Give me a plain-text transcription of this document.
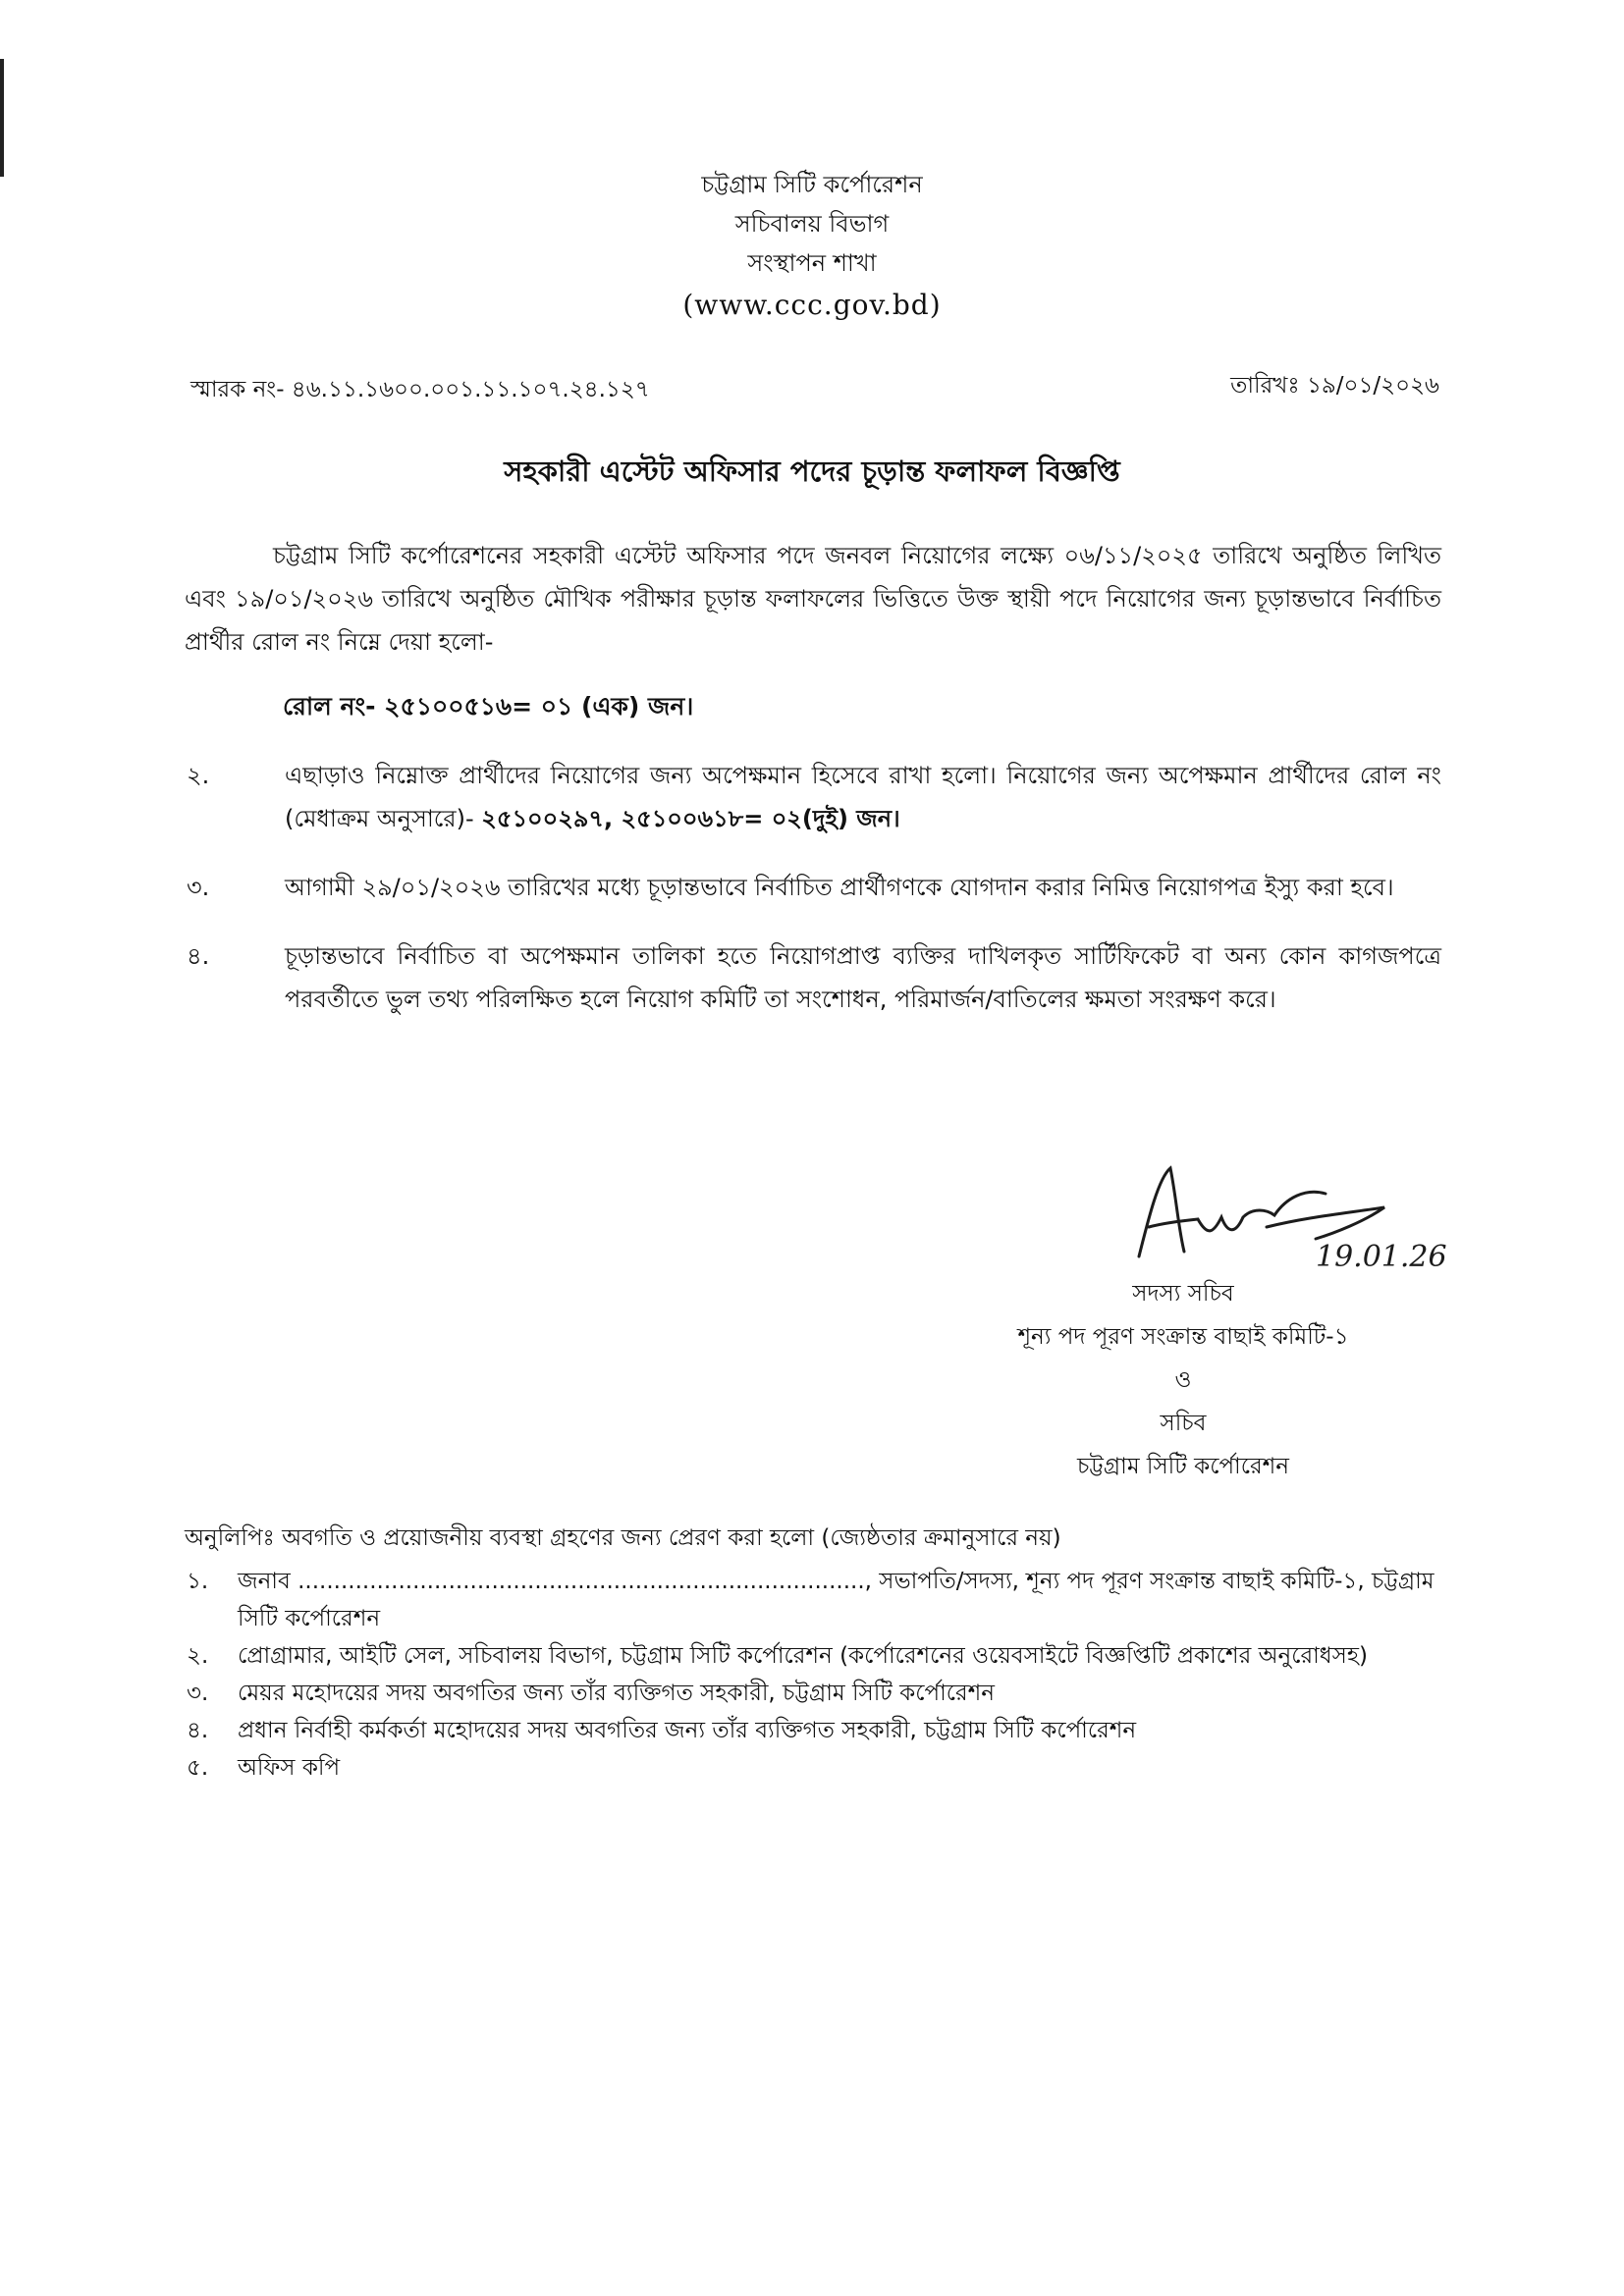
চট্টগ্রাম সিটি কর্পোরেশন
সচিবালয় বিভাগ
সংস্থাপন শাখা
(www.ccc.gov.bd)
স্মারক নং- ৪৬.১১.১৬০০.০০১.১১.১০৭.২৪.১২৭	তারিখঃ ১৯/০১/২০২৬
সহকারী এস্টেট অফিসার পদের চূড়ান্ত ফলাফল বিজ্ঞপ্তি

চট্টগ্রাম সিটি কর্পোরেশনের সহকারী এস্টেট অফিসার পদে জনবল নিয়োগের লক্ষ্যে ০৬/১১/২০২৫ তারিখে অনুষ্ঠিত লিখিত এবং ১৯/০১/২০২৬ তারিখে অনুষ্ঠিত মৌখিক পরীক্ষার চূড়ান্ত ফলাফলের ভিত্তিতে উক্ত স্থায়ী পদে নিয়োগের জন্য চূড়ান্তভাবে নির্বাচিত প্রার্থীর রোল নং নিম্নে দেয়া হলো-

রোল নং- ২৫১০০৫১৬= ০১ (এক) জন।
২.	এছাড়াও নিম্নোক্ত প্রার্থীদের নিয়োগের জন্য অপেক্ষমান হিসেবে রাখা হলো। নিয়োগের জন্য অপেক্ষমান প্রার্থীদের রোল নং (মেধাক্রম অনুসারে)- ২৫১০০২৯৭, ২৫১০০৬১৮= ০২(দুই) জন।
৩.	আগামী ২৯/০১/২০২৬ তারিখের মধ্যে চূড়ান্তভাবে নির্বাচিত প্রার্থীগণকে যোগদান করার নিমিত্ত নিয়োগপত্র ইস্যু করা হবে।
৪.	চূড়ান্তভাবে নির্বাচিত বা অপেক্ষমান তালিকা হতে নিয়োগপ্রাপ্ত ব্যক্তির দাখিলকৃত সার্টিফিকেট বা অন্য কোন কাগজপত্রে পরবর্তীতে ভুল তথ্য পরিলক্ষিত হলে নিয়োগ কমিটি তা সংশোধন, পরিমার্জন/বাতিলের ক্ষমতা সংরক্ষণ করে।
19.01.26
সদস্য সচিব
শূন্য পদ পূরণ সংক্রান্ত বাছাই কমিটি-১
ও
সচিব
চট্টগ্রাম সিটি কর্পোরেশন
অনুলিপিঃ অবগতি ও প্রয়োজনীয় ব্যবস্থা গ্রহণের জন্য প্রেরণ করা হলো (জ্যেষ্ঠতার ক্রমানুসারে নয়)
১.	জনাব ..............................................................................., সভাপতি/সদস্য, শূন্য পদ পূরণ সংক্রান্ত বাছাই কমিটি-১, চট্টগ্রাম সিটি কর্পোরেশন
২.	প্রোগ্রামার, আইটি সেল, সচিবালয় বিভাগ, চট্টগ্রাম সিটি কর্পোরেশন (কর্পোরেশনের ওয়েবসাইটে বিজ্ঞপ্তিটি প্রকাশের অনুরোধসহ)
৩.	মেয়র মহোদয়ের সদয় অবগতির জন্য তাঁর ব্যক্তিগত সহকারী, চট্টগ্রাম সিটি কর্পোরেশন
৪.	প্রধান নির্বাহী কর্মকর্তা মহোদয়ের সদয় অবগতির জন্য তাঁর ব্যক্তিগত সহকারী, চট্টগ্রাম সিটি কর্পোরেশন
৫.	অফিস কপি
